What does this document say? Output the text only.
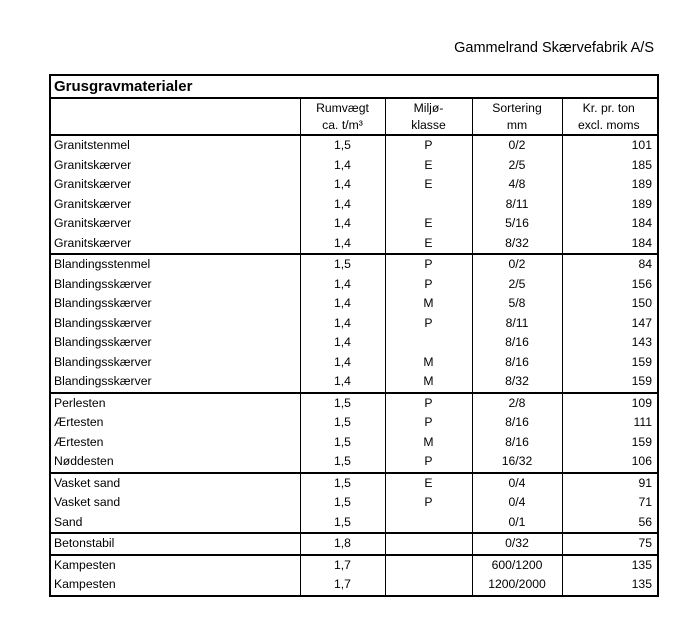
Gammelrand Skærvefabrik A/S
Grusgravmaterialer				
	Rumvægt	Miljø-	Sortering	Kr. pr. ton
	ca. t/m³	klasse	mm	excl. moms
Granitstenmel	1,5	P	0/2	101
Granitskærver	1,4	E	2/5	185
Granitskærver	1,4	E	4/8	189
Granitskærver	1,4		8/11	189
Granitskærver	1,4	E	5/16	184
Granitskærver	1,4	E	8/32	184
Blandingsstenmel	1,5	P	0/2	84
Blandingsskærver	1,4	P	2/5	156
Blandingsskærver	1,4	M	5/8	150
Blandingsskærver	1,4	P	8/11	147
Blandingsskærver	1,4		8/16	143
Blandingsskærver	1,4	M	8/16	159
Blandingsskærver	1,4	M	8/32	159
Perlesten	1,5	P	2/8	109
Ærtesten	1,5	P	8/16	111
Ærtesten	1,5	M	8/16	159
Nøddesten	1,5	P	16/32	106
Vasket sand	1,5	E	0/4	91
Vasket sand	1,5	P	0/4	71
Sand	1,5		0/1	56
Betonstabil	1,8		0/32	75
Kampesten	1,7		600/1200	135
Kampesten	1,7		1200/2000	135
